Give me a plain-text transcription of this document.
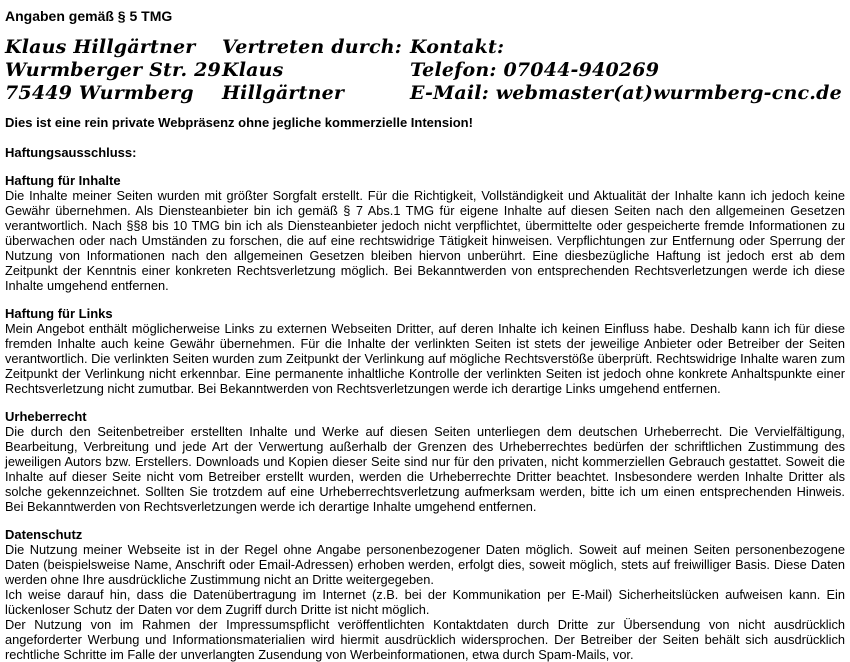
Angaben gemäß § 5 TMG
Klaus Hillgärtner
Wurmberger Str. 29
75449 Wurmberg
Vertreten durch:
Klaus Hillgärtner
Kontakt:
Telefon: 07044-940269
E-Mail: webmaster(at)wurmberg-cnc.de
Dies ist eine rein private Webpräsenz ohne jegliche kommerzielle Intension!
Haftungsausschluss:
Haftung für Inhalte

Die Inhalte meiner Seiten wurden mit größter Sorgfalt erstellt. Für die Richtigkeit, Vollständigkeit und Aktualität der Inhalte kann ich jedoch keine Gewähr übernehmen. Als Diensteanbieter bin ich gemäß § 7 Abs.1 TMG für eigene Inhalte auf diesen Seiten nach den allgemeinen Gesetzen verantwortlich. Nach §§8 bis 10 TMG bin ich als Diensteanbieter jedoch nicht verpflichtet, übermittelte oder gespeicherte fremde Informationen zu überwachen oder nach Umständen zu forschen, die auf eine rechtswidrige Tätigkeit hinweisen. Verpflichtungen zur Entfernung oder Sperrung der Nutzung von Informationen nach den allgemeinen Gesetzen bleiben hiervon unberührt. Eine diesbezügliche Haftung ist jedoch erst ab dem Zeitpunkt der Kenntnis einer konkreten Rechtsverletzung möglich. Bei Bekanntwerden von entsprechenden Rechtsverletzungen werde ich diese Inhalte umgehend entfernen.

Haftung für Links

Mein Angebot enthält möglicherweise Links zu externen Webseiten Dritter, auf deren Inhalte ich keinen Einfluss habe. Deshalb kann ich für diese fremden Inhalte auch keine Gewähr übernehmen. Für die Inhalte der verlinkten Seiten ist stets der jeweilige Anbieter oder Betreiber der Seiten verantwortlich. Die verlinkten Seiten wurden zum Zeitpunkt der Verlinkung auf mögliche Rechtsverstöße überprüft. Rechtswidrige Inhalte waren zum Zeitpunkt der Verlinkung nicht erkennbar. Eine permanente inhaltliche Kontrolle der verlinkten Seiten ist jedoch ohne konkrete Anhaltspunkte einer Rechtsverletzung nicht zumutbar. Bei Bekanntwerden von Rechtsverletzungen werde ich derartige Links umgehend entfernen.

Urheberrecht

Die durch den Seitenbetreiber erstellten Inhalte und Werke auf diesen Seiten unterliegen dem deutschen Urheberrecht. Die Vervielfältigung, Bearbeitung, Verbreitung und jede Art der Verwertung außerhalb der Grenzen des Urheberrechtes bedürfen der schriftlichen Zustimmung des jeweiligen Autors bzw. Erstellers. Downloads und Kopien dieser Seite sind nur für den privaten, nicht kommerziellen Gebrauch gestattet. Soweit die Inhalte auf dieser Seite nicht vom Betreiber erstellt wurden, werden die Urheberrechte Dritter beachtet. Insbesondere werden Inhalte Dritter als solche gekennzeichnet. Sollten Sie trotzdem auf eine Urheberrechtsverletzung aufmerksam werden, bitte ich um einen entsprechenden Hinweis. Bei Bekanntwerden von Rechtsverletzungen werde ich derartige Inhalte umgehend entfernen.

Datenschutz

Die Nutzung meiner Webseite ist in der Regel ohne Angabe personenbezogener Daten möglich. Soweit auf meinen Seiten personenbezogene Daten (beispielsweise Name, Anschrift oder Email-Adressen) erhoben werden, erfolgt dies, soweit möglich, stets auf freiwilliger Basis. Diese Daten werden ohne Ihre ausdrückliche Zustimmung nicht an Dritte weitergegeben.

Ich weise darauf hin, dass die Datenübertragung im Internet (z.B. bei der Kommunikation per E-Mail) Sicherheitslücken aufweisen kann. Ein lückenloser Schutz der Daten vor dem Zugriff durch Dritte ist nicht möglich.

Der Nutzung von im Rahmen der Impressumspflicht veröffentlichten Kontaktdaten durch Dritte zur Übersendung von nicht ausdrücklich angeforderter Werbung und Informationsmaterialien wird hiermit ausdrücklich widersprochen. Der Betreiber der Seiten behält sich ausdrücklich rechtliche Schritte im Falle der unverlangten Zusendung von Werbeinformationen, etwa durch Spam-Mails, vor.
